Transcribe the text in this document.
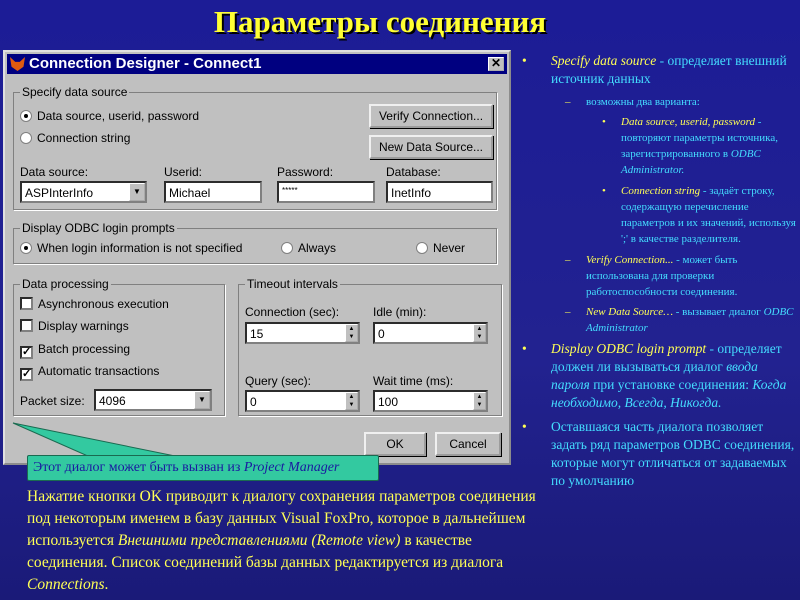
Параметры соединения
Connection Designer - Connect1	✕
Specify data source
Data source, userid, password
Connection string
Verify Connection...
New Data Source...
Data source:
ASPInterInfo	▼
Userid:
Michael
Password:
*****
Database:
InetInfo
Display ODBC login prompts
When login information is not specified	Always	Never
Data processing
Asynchronous execution
Display warnings
✓ Batch processing
✓ Automatic transactions
Packet size:	4096	▼
Timeout intervals
Connection (sec):
15	▲
▼
Idle (min):
0	▲
▼
Query (sec):
0	▲
▼
Wait time (ms):
100	▲
▼
OK	Cancel
Этот диалог может быть вызван из Project Manager
Нажатие кнопки OK приводит к диалогу сохранения параметров соединения под некоторым именем в базу данных Visual FoxPro, которое в дальнейшем используется Внешними представлениями (Remote view) в качестве соединения. Список соединений базы данных редактируется из диалога Connections.
• Specify data source - определяет внешний источник данных
– возможны два варианта:
• Data source, userid, password - повторяют параметры источника, зарегистрированного в ODBC Administrator.
• Connection string - задаёт строку, содержащую перечисление параметров и их значений, используя ';' в качестве разделителя.
– Verify Connection... - может быть использована для проверки работоспособности соединения.
– New Data Source… - вызывает диалог ODBC Administrator
• Display ODBC login prompt - определяет должен ли вызываться диалог ввода пароля при установке соединения: Когда необходимо, Всегда, Никогда.
• Оставшаяся часть диалога позволяет задать ряд параметров ODBC соединения, которые могут отличаться от задаваемых по умолчанию
